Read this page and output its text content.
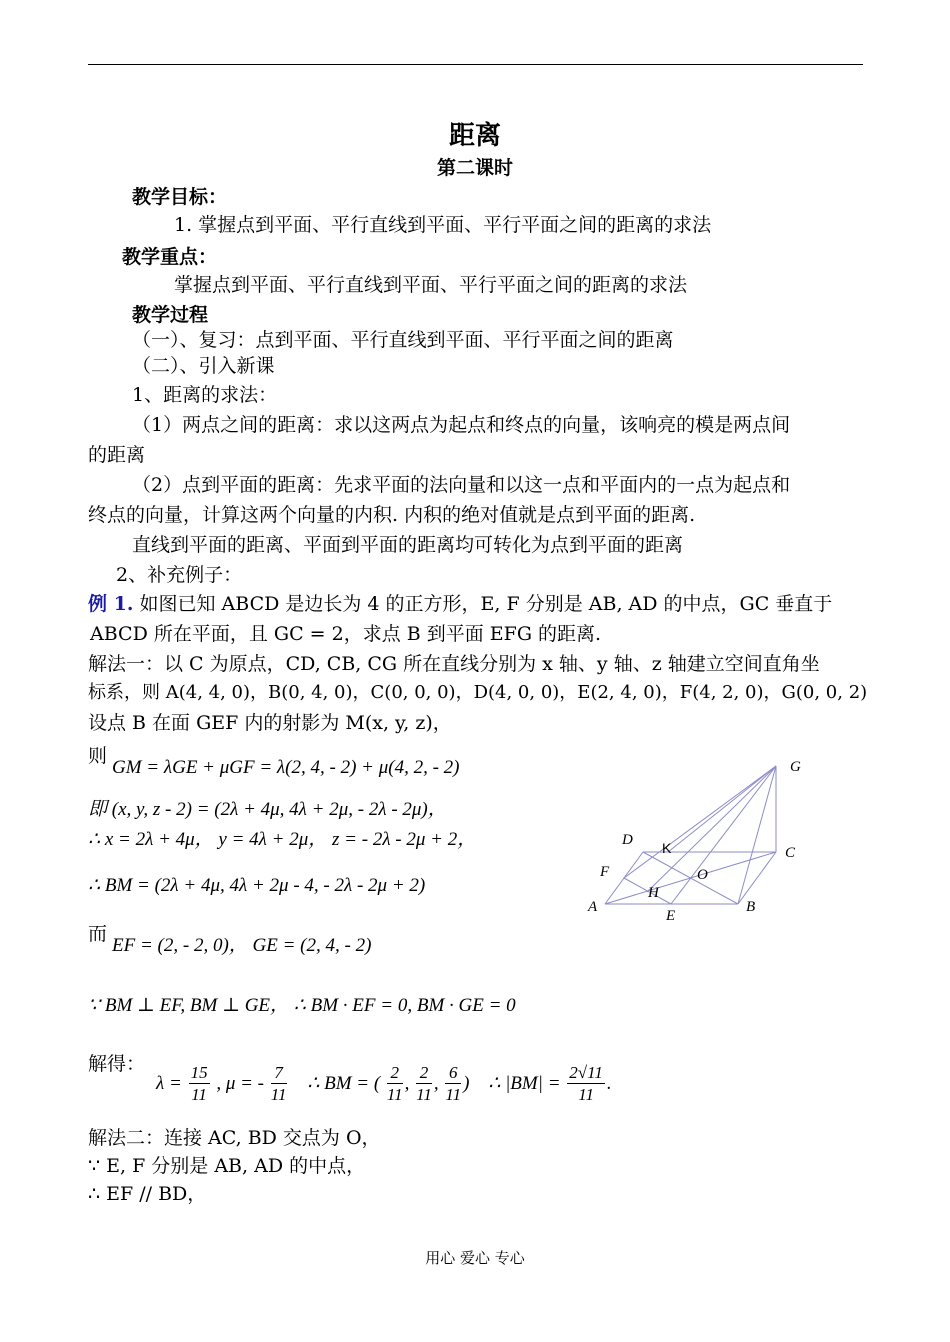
距离
第二课时
教学目标：
1. 掌握点到平面、平行直线到平面、平行平面之间的距离的求法
教学重点：
掌握点到平面、平行直线到平面、平行平面之间的距离的求法
教学过程
（一）、复习：点到平面、平行直线到平面、平行平面之间的距离
（二）、引入新课
1、距离的求法：
（1）两点之间的距离：求以这两点为起点和终点的向量，该响亮的模是两点间
的距离
（2）点到平面的距离：先求平面的法向量和以这一点和平面内的一点为起点和
终点的向量，计算这两个向量的内积. 内积的绝对值就是点到平面的距离.
直线到平面的距离、平面到平面的距离均可转化为点到平面的距离
2、补充例子：
例 1. 如图已知 ABCD 是边长为 4 的正方形，E, F 分别是 AB, AD 的中点，GC 垂直于
ABCD 所在平面，且 GC = 2，求点 B 到平面 EFG 的距离.
解法一：以 C 为原点，CD, CB, CG 所在直线分别为 x 轴、y 轴、z 轴建立空间直角坐
标系，则 A(4, 4, 0)，B(0, 4, 0)，C(0, 0, 0)，D(4, 0, 0)，E(2, 4, 0)，F(4, 2, 0)，G(0, 0, 2)
设点 B 在面 GEF 内的射影为 M(x, y, z)，
则
GM = λGE + μGF = λ(2, 4, - 2) + μ(4, 2, - 2)
即 (x, y, z - 2) = (2λ + 4μ, 4λ + 2μ, - 2λ - 2μ)，
∴ x = 2λ + 4μ， y = 4λ + 2μ， z = - 2λ - 2μ + 2，
∴ BM = (2λ + 4μ, 4λ + 2μ - 4, - 2λ - 2μ + 2)
而
EF = (2, - 2, 0)， GE = (2, 4, - 2)
∵ BM ⊥ EF, BM ⊥ GE， ∴ BM · EF = 0, BM · GE = 0
解得：
$\lambda = \frac{15}{11}$ , μ = - $\frac{7}{11}$ ∴ BM = ( $\frac{2}{11}$ , $\frac{2}{11}$ , $\frac{6}{11}$ ) ∴ $|BM| = \frac{2√11}{11}$ .
解法二：连接 AC, BD 交点为 O，
∵ E, F 分别是 AB, AD 的中点，
∴ EF // BD，
G
D K	C
F	O
H
A
E
B
用心 爱心 专心
